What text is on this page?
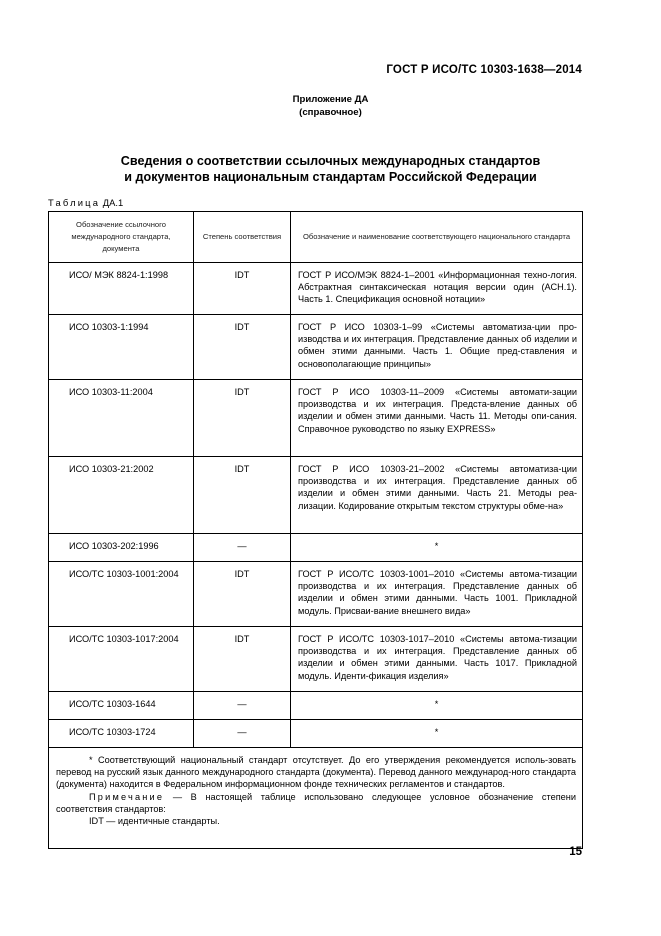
ГОСТ Р ИСО/ТС 10303-1638—2014
Приложение ДА
(справочное)
Сведения о соответствии ссылочных международных стандартов
и документов национальным стандартам Российской Федерации
Таблица ДА.1
Обозначение ссылочного международного стандарта, документа	Степень соответствия	Обозначение и наименование соответствующего национального стандарта

ИСО/ МЭК 8824-1:1998	IDT	ГОСТ Р ИСО/МЭК 8824-1–2001 «Информационная техно-логия. Абстрактная синтаксическая нотация версии один (АСН.1). Часть 1. Спецификация основной нотации»
ИСО 10303-1:1994	IDT	ГОСТ Р ИСО 10303-1–99 «Системы автоматиза-ции про-изводства и их интеграция. Представление данных об изделии и обмен этими данными. Часть 1. Общие пред-ставления и основополагающие принципы»
ИСО 10303-11:2004	IDT	ГОСТ Р ИСО 10303-11–2009 «Системы автомати-зации производства и их интеграция. Предста-вление данных об изделии и обмен этими данными. Часть 11. Методы опи-сания. Справочное руководство по языку EXPRESS»
ИСО 10303-21:2002	IDT	ГОСТ Р ИСО 10303-21–2002 «Системы автоматиза-ции производства и их интеграция. Представление данных об изделии и обмен этими данными. Часть 21. Методы реа-лизации. Кодирование открытым текстом структуры обме-на»
ИСО 10303-202:1996	—	*
ИСО/ТС 10303-1001:2004	IDT	ГОСТ Р ИСО/ТС 10303-1001–2010 «Системы автома-тизации производства и их интеграция. Представление данных об изделии и обмен этими данными. Часть 1001. Прикладной модуль. Присваи-вание внешнего вида»
ИСО/ТС 10303-1017:2004	IDT	ГОСТ Р ИСО/ТС 10303-1017–2010 «Системы автома-тизации производства и их интеграция. Представление данных об изделии и обмен этими данными. Часть 1017. Прикладной модуль. Иденти-фикация изделия»
ИСО/ТС 10303-1644	—	*
ИСО/ТС 10303-1724	—	*

* Соответствующий национальный стандарт отсутствует. До его утверждения рекомендуется исполь-зовать перевод на русский язык данного международного стандарта (документа). Перевод данного международ-ного стандарта (документа) находится в Федеральном информационном фонде технических регламентов и стандартов.
Примечание — В настоящей таблице использовано следующее условное обозначение степени соответствия стандартов:
IDT — идентичные стандарты.		
15
